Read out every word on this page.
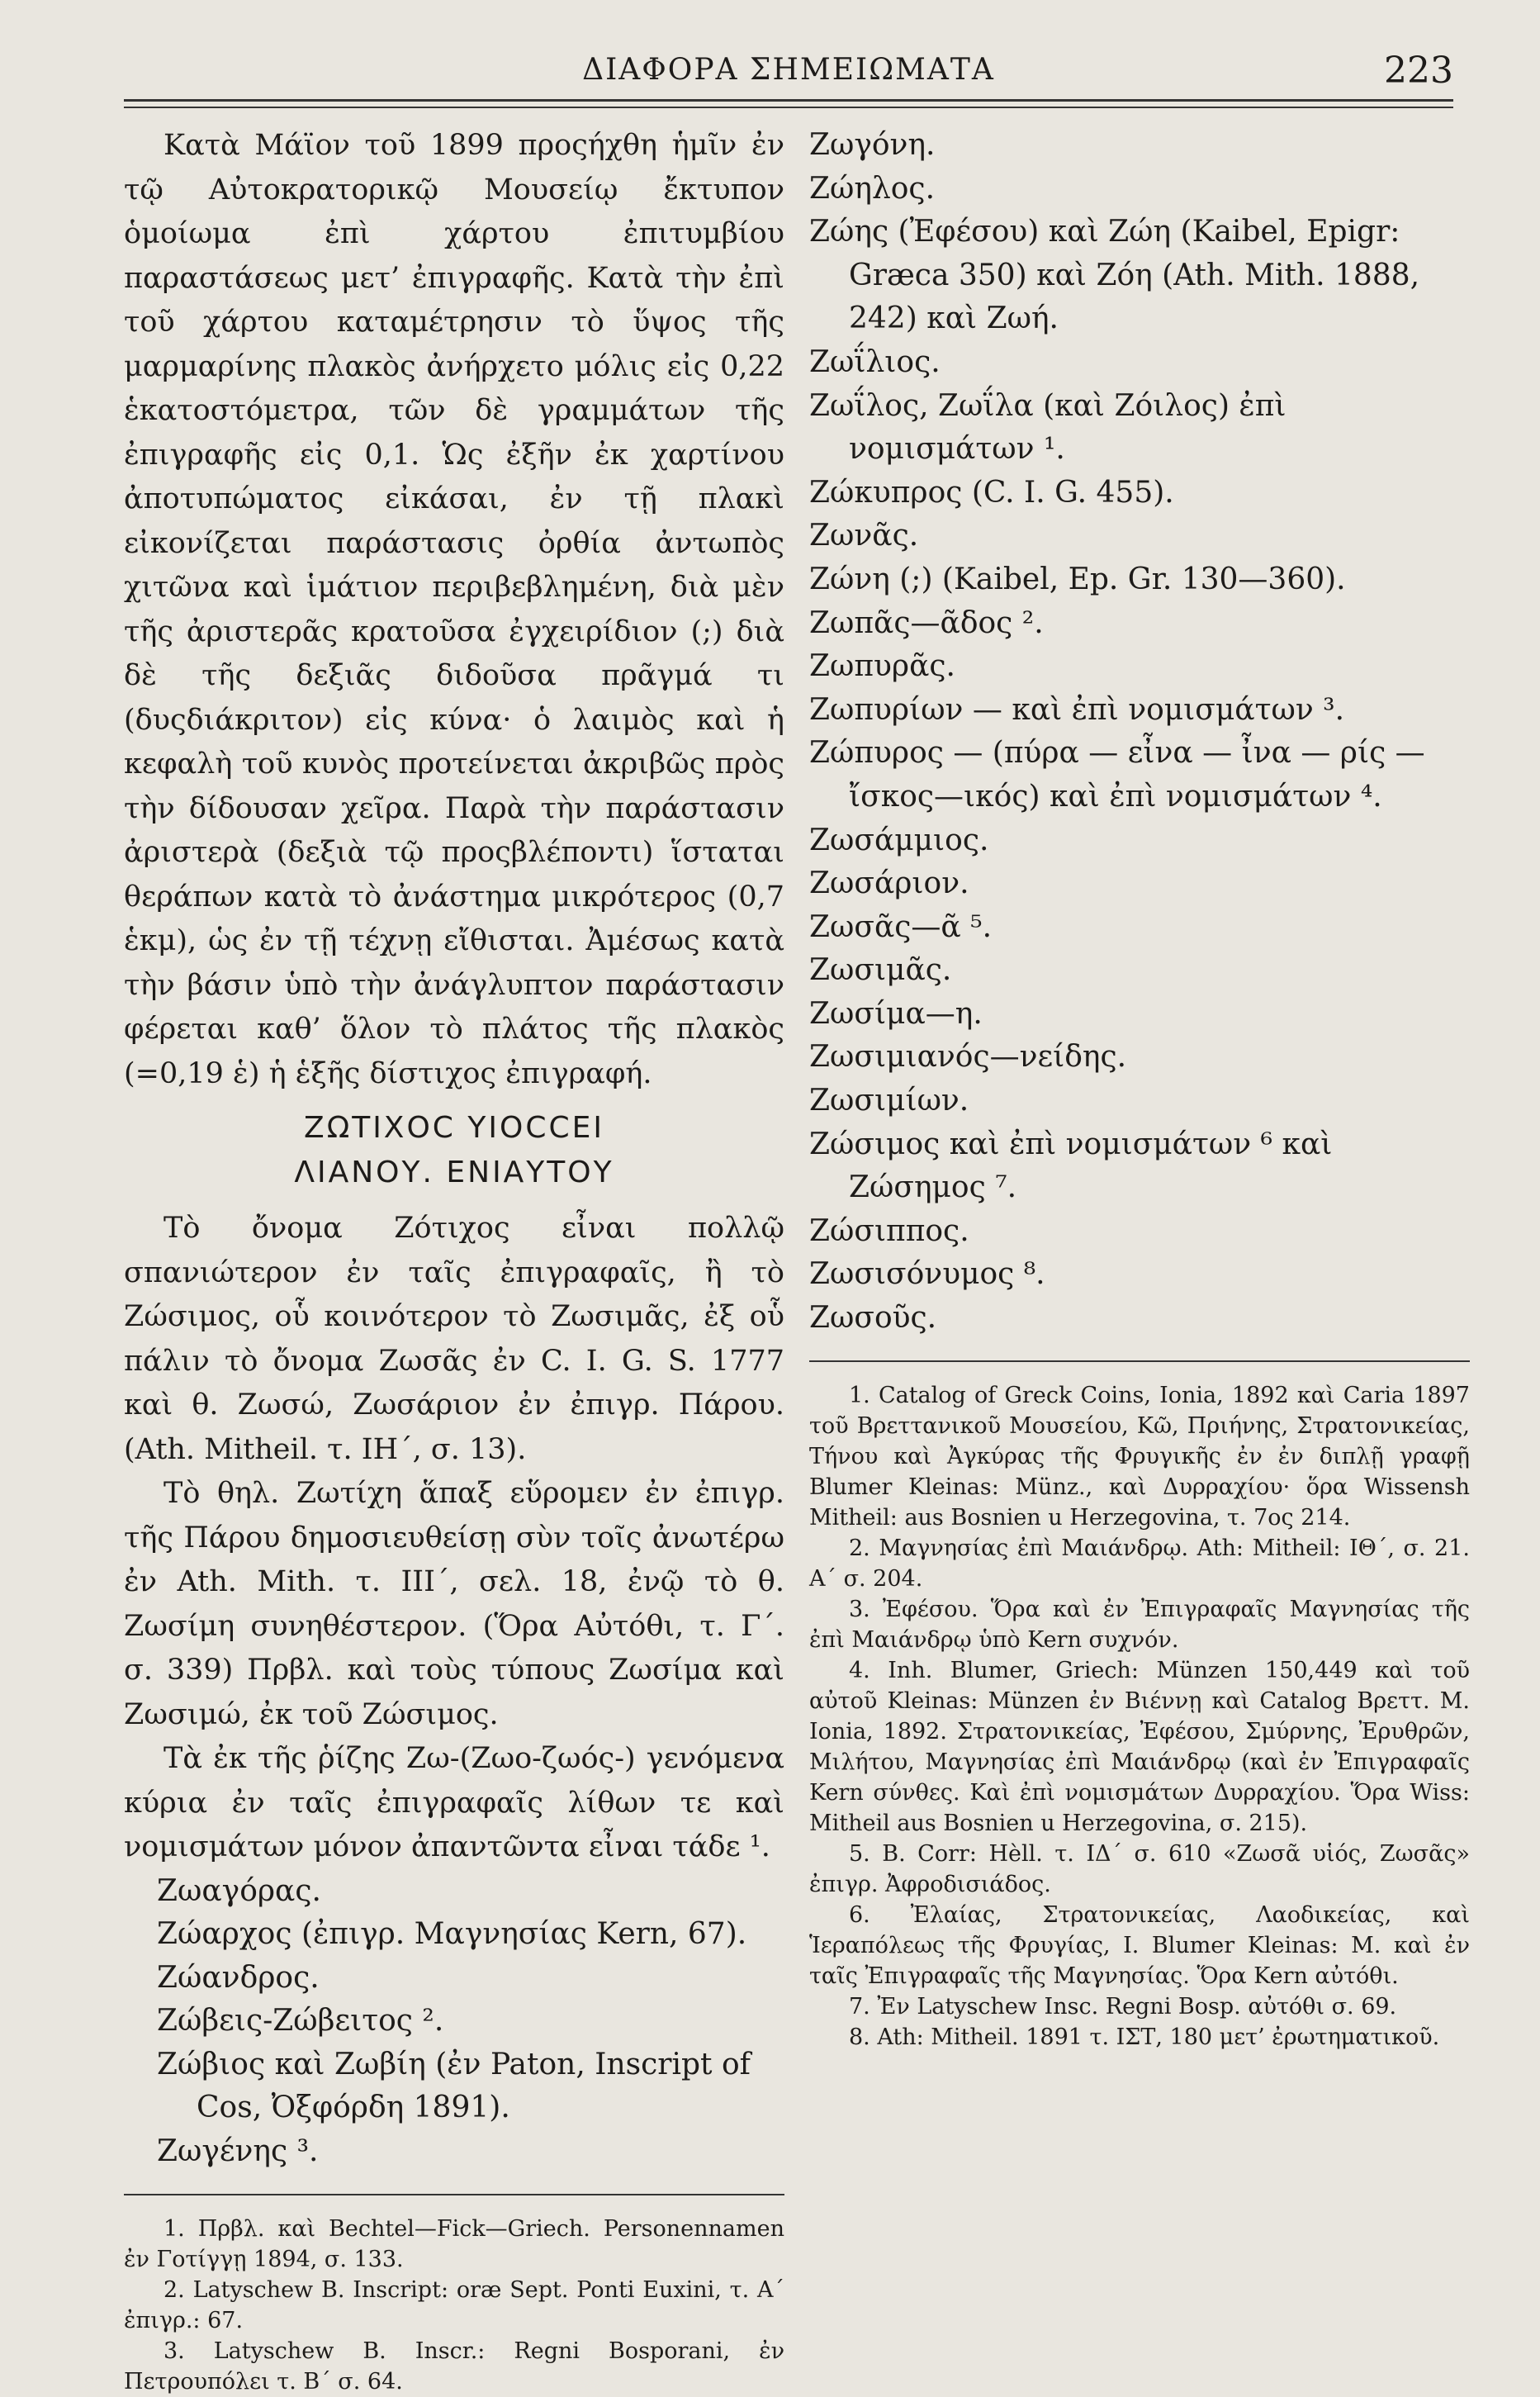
ΔΙΑΦΟΡΑ ΣΗΜΕΙΩΜΑΤΑ	223

Κατὰ Μάϊον τοῦ 1899 προςήχθη ἡμῖν ἐν τῷ Αὐτοκρατορικῷ Μουσείῳ ἔκτυπον ὁμοίωμα ἐπὶ χάρτου ἐπιτυμβίου παραστάσεως μετ’ ἐπιγραφῆς. Κατὰ τὴν ἐπὶ τοῦ χάρτου καταμέτρησιν τὸ ὕψος τῆς μαρμαρίνης πλακὸς ἀνήρχετο μόλις εἰς 0,22 ἑκατοστόμετρα, τῶν δὲ γραμμάτων τῆς ἐπιγραφῆς εἰς 0,1. Ὡς ἐξῆν ἐκ χαρτίνου ἀποτυπώματος εἰκάσαι, ἐν τῇ πλακὶ εἰκονίζεται παράστασις ὀρθία ἀντωπὸς χιτῶνα καὶ ἱμάτιον περιβεβλημένη, διὰ μὲν τῆς ἀριστερᾶς κρατοῦσα ἐγχειρίδιον (;) διὰ δὲ τῆς δεξιᾶς διδοῦσα πρᾶγμά τι (δυςδιάκριτον) εἰς κύνα· ὁ λαιμὸς καὶ ἡ κεφαλὴ τοῦ κυνὸς προτείνεται ἀκριβῶς πρὸς τὴν δίδουσαν χεῖρα. Παρὰ τὴν παράστασιν ἀριστερὰ (δεξιὰ τῷ προςβλέποντι) ἵσταται θεράπων κατὰ τὸ ἀνάστημα μικρότερος (0,7 ἑκμ), ὡς ἐν τῇ τέχνῃ εἴθισται. Ἀμέσως κατὰ τὴν βάσιν ὑπὸ τὴν ἀνάγλυπτον παράστασιν φέρεται καθ’ ὅλον τὸ πλάτος τῆς πλακὸς (=0,19 ἑ) ἡ ἑξῆς δίστιχος ἐπιγραφή.

ΖΩΤΙΧΟϹ ΥΙΟϹϹΕΙ
ΛΙΑΝΟΥ. ΕΝΙΑΥΤΟΥ

Τὸ ὄνομα Ζότιχος εἶναι πολλῷ σπανιώτερον ἐν ταῖς ἐπιγραφαῖς, ἢ τὸ Ζώσιμος, οὗ κοινότερον τὸ Ζωσιμᾶς, ἐξ οὗ πάλιν τὸ ὄνομα Ζωσᾶς ἐν C. I. G. S. 1777 καὶ θ. Ζωσώ, Ζωσάριον ἐν ἐπιγρ. Πάρου. (Ath. Mitheil. τ. ΙΗ΄, σ. 13).

Τὸ θηλ. Ζωτίχη ἅπαξ εὕρομεν ἐν ἐπιγρ. τῆς Πάρου δημοσιευθείσῃ σὺν τοῖς ἀνωτέρω ἐν Ath. Mith. τ. ΙΙΙ΄, σελ. 18, ἐνῷ τὸ θ. Ζωσίμη συνηθέστερον. (Ὅρα Αὐτόθι, τ. Γ΄. σ. 339) Πρβλ. καὶ τοὺς τύπους Ζωσίμα καὶ Ζωσιμώ, ἐκ τοῦ Ζώσιμος.

Τὰ ἐκ τῆς ῥίζης Ζω-(Ζωο-ζωός-) γενόμενα κύρια ἐν ταῖς ἐπιγραφαῖς λίθων τε καὶ νομισμάτων μόνον ἀπαντῶντα εἶναι τάδε ¹.

Ζωαγόρας.
Ζώαρχος (ἐπιγρ. Μαγνησίας Kern, 67).
Ζώανδρος.
Ζώβεις-Ζώβειτος ².
Ζώβιος καὶ Ζωβίη (ἐν Paton, Inscript of Cos, Ὀξφόρδη 1891).
Ζωγένης ³.
1. Πρβλ. καὶ Bechtel—Fick—Griech. Personennamen ἐν Γοτίγγῃ 1894, σ. 133.
2. Latyschew B. Inscript: oræ Sept. Ponti Euxini, τ. Α΄ ἐπιγρ.: 67.
3. Latyschew B. Inscr.: Regni Bosporani, ἐν Πετρουπόλει τ. Β΄ σ. 64.
Ζωγόνη.
Ζώηλος.
Ζώης (Ἐφέσου) καὶ Ζώη (Kaibel, Epigr: Græca 350) καὶ Ζόη (Ath. Mith. 1888, 242) καὶ Ζωή.
Ζωΐλιος.
Ζωΐλος, Ζωΐλα (καὶ Ζόιλος) ἐπὶ νομισμάτων ¹.
Ζώκυπρος (C. I. G. 455).
Ζωνᾶς.
Ζώνη (;) (Kaibel, Ep. Gr. 130—360).
Ζωπᾶς—ᾶδος ².
Ζωπυρᾶς.
Ζωπυρίων — καὶ ἐπὶ νομισμάτων ³.
Ζώπυρος — (πύρα — εἶνα — ἶνα — ρίς — ἴσκος—ικός) καὶ ἐπὶ νομισμάτων ⁴.
Ζωσάμμιος.
Ζωσάριον.
Ζωσᾶς—ᾶ ⁵.
Ζωσιμᾶς.
Ζωσίμα—η.
Ζωσιμιανός—νείδης.
Ζωσιμίων.
Ζώσιμος καὶ ἐπὶ νομισμάτων ⁶ καὶ Ζώσημος ⁷.
Ζώσιππος.
Ζωσισόνυμος ⁸.
Ζωσοῦς.
1. Catalog of Greck Coins, Ionia, 1892 καὶ Caria 1897 τοῦ Βρεττανικοῦ Μουσείου, Κῶ, Πριήνης, Στρατονικείας, Τήνου καὶ Ἀγκύρας τῆς Φρυγικῆς ἐν ἐν διπλῇ γραφῇ Blumer Kleinas: Münz., καὶ Δυρραχίου· ὅρα Wissensh Mitheil: aus Bosnien u Herzegovina, τ. 7ος 214.
2. Μαγνησίας ἐπὶ Μαιάνδρῳ. Ath: Mitheil: ΙΘ΄, σ. 21. Α΄ σ. 204.
3. Ἐφέσου. Ὅρα καὶ ἐν Ἐπιγραφαῖς Μαγνησίας τῆς ἐπὶ Μαιάνδρῳ ὑπὸ Kern συχνόν.
4. Inh. Blumer, Griech: Münzen 150,449 καὶ τοῦ αὐτοῦ Kleinas: Münzen ἐν Βιέννῃ καὶ Catalog Βρεττ. M. Ionia, 1892. Στρατονικείας, Ἐφέσου, Σμύρνης, Ἐρυθρῶν, Μιλήτου, Μαγνησίας ἐπὶ Μαιάνδρῳ (καὶ ἐν Ἐπιγραφαῖς Kern σύνθες. Καὶ ἐπὶ νομισμάτων Δυρραχίου. Ὅρα Wiss: Mitheil aus Bosnien u Herzegovina, σ. 215).
5. B. Corr: Hèll. τ. ΙΔ΄ σ. 610 «Ζωσᾶ υἱός, Ζωσᾶς» ἐπιγρ. Ἀφροδισιάδος.
6. Ἐλαίας, Στρατονικείας, Λαοδικείας, καὶ Ἱεραπόλεως τῆς Φρυγίας, I. Blumer Kleinas: M. καὶ ἐν ταῖς Ἐπιγραφαῖς τῆς Μαγνησίας. Ὅρα Kern αὐτόθι.
7. Ἐν Latyschew Insc. Regni Bosp. αὐτόθι σ. 69.
8. Ath: Mitheil. 1891 τ. ΙΣΤ, 180 μετ’ ἐρωτηματικοῦ.
